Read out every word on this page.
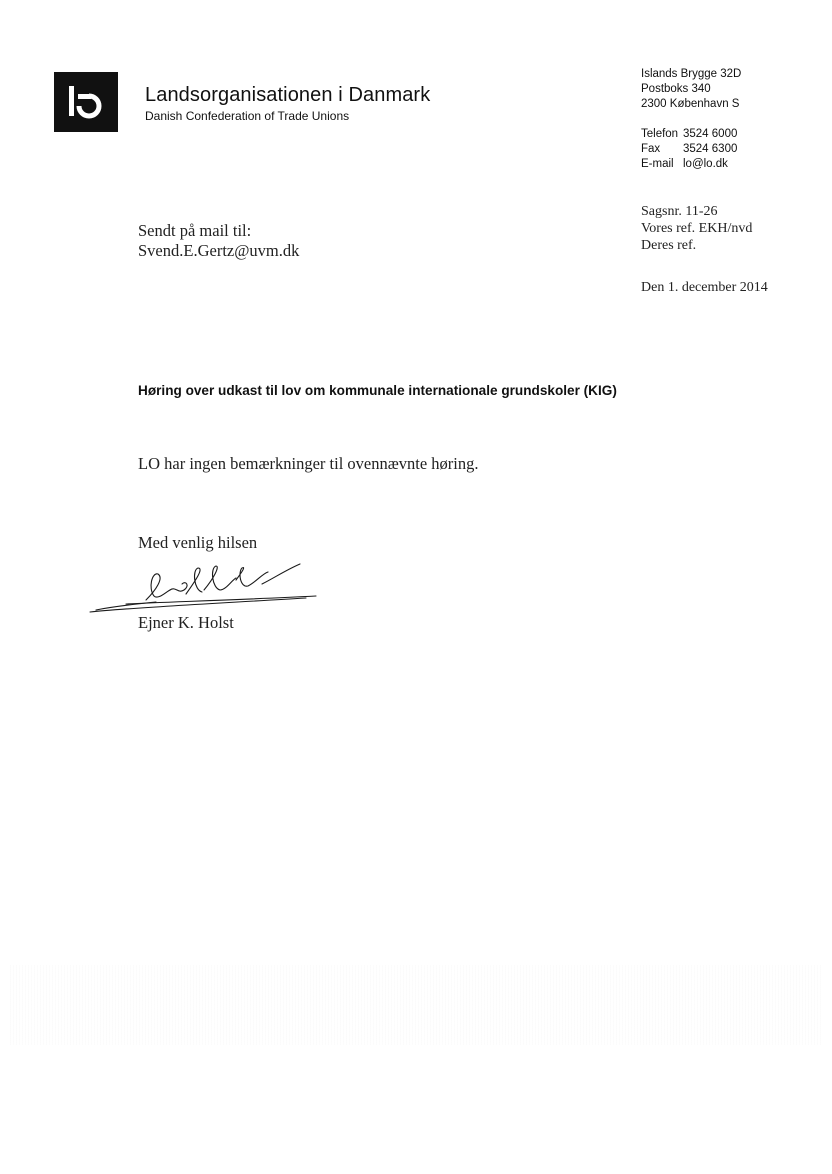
Landsorganisationen i Danmark
Danish Confederation of Trade Unions
Islands Brygge 32D
Postboks 340
2300 København S
Telefon 3524 6000
Fax	3524 6300
E-mail lo@lo.dk
Sagsnr. 11-26
Vores ref. EKH/nvd
Deres ref.
Den 1. december 2014
Sendt på mail til:
Svend.E.Gertz@uvm.dk
Høring over udkast til lov om kommunale internationale grundskoler (KIG)
LO har ingen bemærkninger til ovennævnte høring.
Med venlig hilsen
Ejner K. Holst
